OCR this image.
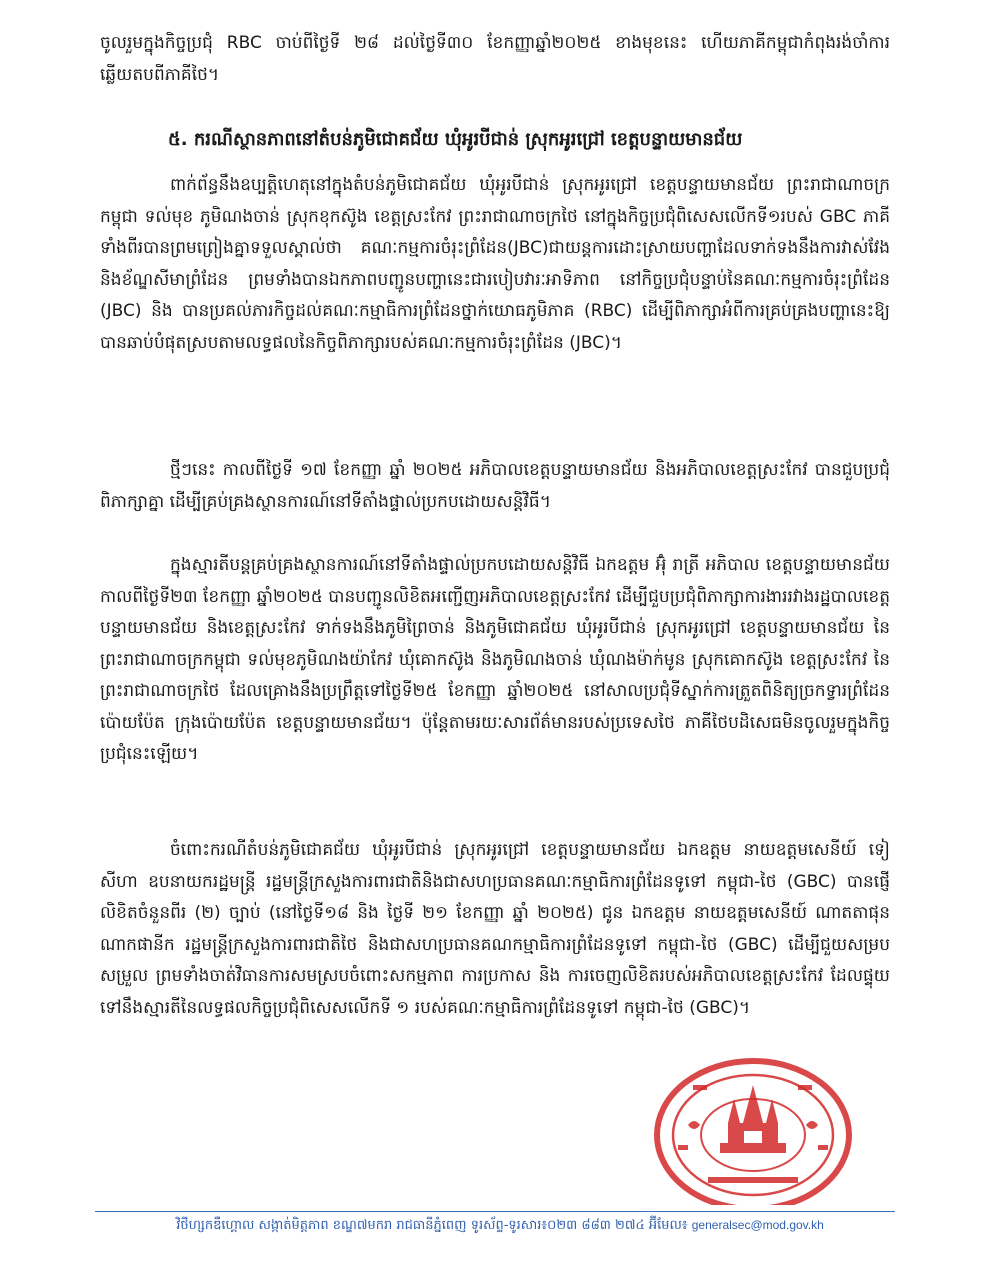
ចូលរួមក្នុងកិច្ចប្រជុំ RBC ចាប់ពីថ្ងៃទី ២៨ ដល់ថ្ងៃទី៣០ ខែកញ្ញាឆ្នាំ២០២៥ ខាងមុខនេះ ហើយភាគីកម្ពុជាកំពុងរង់ចាំការឆ្លើយតបពីភាគីថៃ។

៥. ករណីស្ថានភាពនៅតំបន់ភូមិជោគជ័យ ឃុំអូរបីជាន់ ស្រុកអូរជ្រៅ ខេត្តបន្ទាយមានជ័យ

ពាក់ព័ន្ធនឹងឧប្បត្តិហេតុនៅក្នុងតំបន់ភូមិជោគជ័យ ឃុំអូរបីជាន់ ស្រុកអូរជ្រៅ ខេត្តបន្ទាយមានជ័យ ព្រះរាជាណាចក្រកម្ពុជា ទល់មុខ ភូមិណងចាន់ ស្រុកខុកស៊ូង ខេត្តស្រះកែវ ព្រះរាជាណាចក្រថៃ នៅក្នុងកិច្ចប្រជុំពិសេសលើកទី១របស់ GBC ភាគីទាំងពីរបានព្រមព្រៀងគ្នាទទួលស្គាល់ថា គណៈកម្មការចំរុះព្រំដែន(JBC)ជាយន្តការដោះស្រាយបញ្ហាដែលទាក់ទងនឹងការវាស់វែង និងខ័ណ្ឌសីមាព្រំដែន ព្រមទាំងបានឯកភាពបញ្ជូនបញ្ហានេះជារបៀបវារៈអាទិភាព នៅកិច្ចប្រជុំបន្ទាប់នៃគណៈកម្មការចំរុះព្រំដែន (JBC) និង បានប្រគល់ភារកិច្ចដល់គណៈកម្មាធិការព្រំដែនថ្នាក់យោធភូមិភាគ (RBC) ដើម្បីពិភាក្សាអំពីការគ្រប់គ្រងបញ្ហានេះឱ្យបានឆាប់បំផុតស្របតាមលទ្ធផលនៃកិច្ចពិភាក្សារបស់គណៈកម្មការចំរុះព្រំដែន (JBC)។

ថ្មីៗនេះ កាលពីថ្ងៃទី ១៧ ខែកញ្ញា ឆ្នាំ ២០២៥ អភិបាលខេត្តបន្ទាយមានជ័យ និងអភិបាលខេត្តស្រះកែវ បានជួបប្រជុំពិភាក្សាគ្នា ដើម្បីគ្រប់គ្រងស្ថានការណ៍នៅទីតាំងផ្ទាល់ប្រកបដោយសន្តិវិធី។

ក្នុងស្មារតីបន្តគ្រប់គ្រងស្ថានការណ៍នៅទីតាំងផ្ទាល់ប្រកបដោយសន្តិវិធី ឯកឧត្តម អ៊ុំ រាត្រី អភិបាល ខេត្តបន្ទាយមានជ័យ កាលពីថ្ងៃទី២៣ ខែកញ្ញា ឆ្នាំ២០២៥ បានបញ្ជូនលិខិតអញ្ជើញអភិបាលខេត្តស្រះកែវ ដើម្បីជួបប្រជុំពិភាក្សាការងាររវាងរដ្ឋបាលខេត្តបន្ទាយមានជ័យ និងខេត្តស្រះកែវ ទាក់ទងនឹងភូមិព្រៃចាន់ និងភូមិជោគជ័យ ឃុំអូរបីជាន់ ស្រុកអូរជ្រៅ ខេត្តបន្ទាយមានជ័យ នៃព្រះរាជាណាចក្រកម្ពុជា ទល់មុខភូមិណងយ៉ាកែវ ឃុំគោកស៊ូង និងភូមិណងចាន់ ឃុំណងម៉ាក់មូន ស្រុកគោកស៊ូង ខេត្តស្រះកែវ នៃព្រះរាជាណាចក្រថៃ ដែលគ្រោងនឹងប្រព្រឹត្តទៅថ្ងៃទី២៥ ខែកញ្ញា ឆ្នាំ២០២៥ នៅសាលប្រជុំទីស្នាក់ការត្រួតពិនិត្យច្រកទ្វារព្រំដែនប៉ោយប៉ែត ក្រុងប៉ោយប៉ែត ខេត្តបន្ទាយមានជ័យ។ ប៉ុន្តែតាមរយៈសារព័ត៌មានរបស់ប្រទេសថៃ ភាគីថៃបដិសេធមិនចូលរួមក្នុងកិច្ចប្រជុំនេះឡើយ។

ចំពោះករណីតំបន់ភូមិជោគជ័យ ឃុំអូរបីជាន់ ស្រុកអូរជ្រៅ ខេត្តបន្ទាយមានជ័យ ឯកឧត្តម នាយឧត្តមសេនីយ៍ ទៀ សីហា ឧបនាយករដ្ឋមន្ត្រី រដ្ឋមន្ត្រីក្រសួងការពារជាតិនិងជាសហប្រធានគណៈកម្មាធិការព្រំដែនទូទៅ កម្ពុជា-ថៃ (GBC) បានផ្ញើលិខិតចំនួនពីរ (២) ច្បាប់ (នៅថ្ងៃទី១៨ និង ថ្ងៃទី ២១ ខែកញ្ញា ឆ្នាំ ២០២៥) ជូន ឯកឧត្តម នាយឧត្តមសេនីយ៍ ណាតតាផុន ណាកផានីក រដ្ឋមន្ត្រីក្រសួងការពារជាតិថៃ និងជាសហប្រធានគណកម្មាធិការព្រំដែនទូទៅ កម្ពុជា-ថៃ (GBC) ដើម្បីជួយសម្របសម្រួល ព្រមទាំងចាត់វិធានការសមស្របចំពោះសកម្មភាព ការប្រកាស និង ការចេញលិខិតរបស់អភិបាលខេត្តស្រះកែវ ដែលផ្ទុយទៅនឹងស្មារតីនៃលទ្ធផលកិច្ចប្រជុំពិសេសលើកទី ១ របស់គណៈកម្មាធិការព្រំដែនទូទៅ កម្ពុជា-ថៃ (GBC)។

វិថីហ្សកឌឺហ្គោល សង្កាត់មិត្តភាព ខណ្ឌ៧មករា រាជធានីភ្នំពេញ ទូរស័ព្ទ-ទូរសារ៖០២៣ ៨៨៣ ២៧៤ អ៊ីមែល៖ generalsec@mod.gov.kh
